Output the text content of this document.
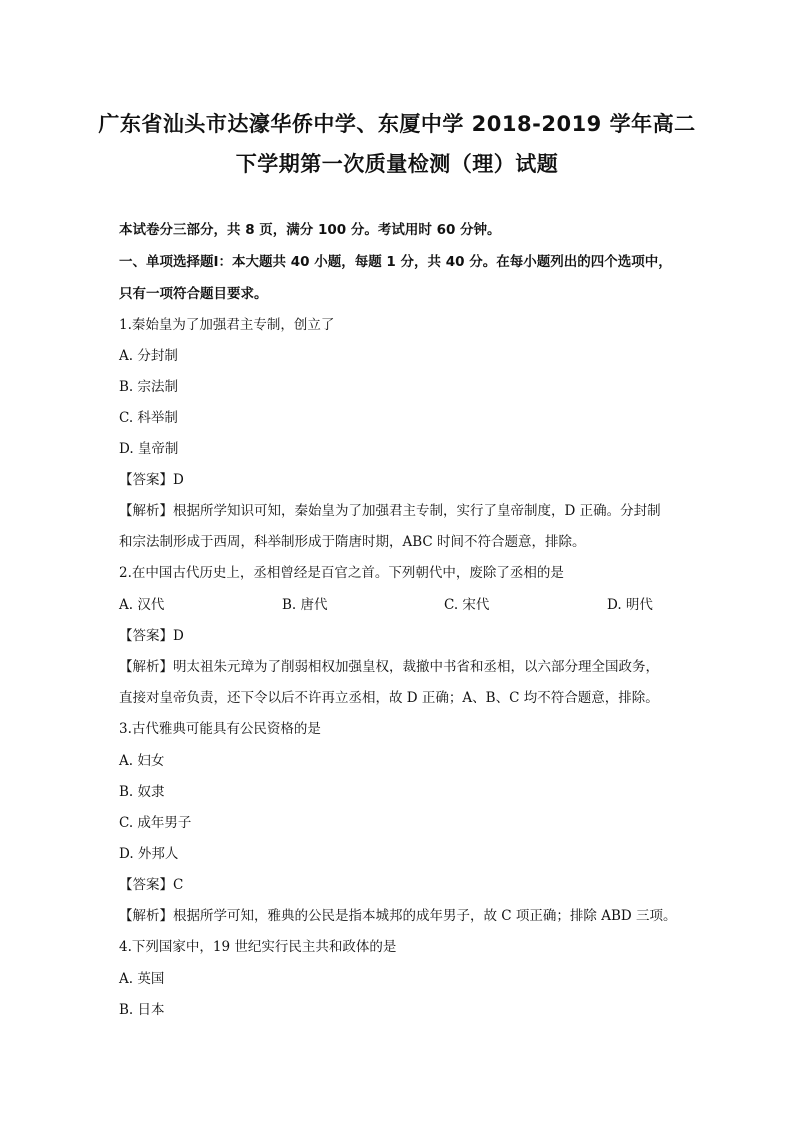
广东省汕头市达濠华侨中学、东厦中学 2018-2019 学年高二
下学期第一次质量检测（理）试题
本试卷分三部分，共 8 页，满分 100 分。考试用时 60 分钟。
一、单项选择题Ⅰ：本大题共 40 小题，每题 1 分，共 40 分。在每小题列出的四个选项中，
只有一项符合题目要求。
1.秦始皇为了加强君主专制，创立了
A. 分封制
B. 宗法制
C. 科举制
D. 皇帝制
【答案】D
【解析】根据所学知识可知，秦始皇为了加强君主专制，实行了皇帝制度，D 正确。分封制
和宗法制形成于西周，科举制形成于隋唐时期，ABC 时间不符合题意，排除。
2.在中国古代历史上，丞相曾经是百官之首。下列朝代中，废除了丞相的是
A. 汉代	B. 唐代	C. 宋代	D. 明代
【答案】D
【解析】明太祖朱元璋为了削弱相权加强皇权，裁撤中书省和丞相，以六部分理全国政务，
直接对皇帝负责，还下令以后不许再立丞相，故 D 正确；A、B、C 均不符合题意，排除。
3.古代雅典可能具有公民资格的是
A. 妇女
B. 奴隶
C. 成年男子
D. 外邦人
【答案】C
【解析】根据所学可知，雅典的公民是指本城邦的成年男子，故 C 项正确；排除 ABD 三项。
4.下列国家中，19 世纪实行民主共和政体的是
A. 英国
B. 日本
